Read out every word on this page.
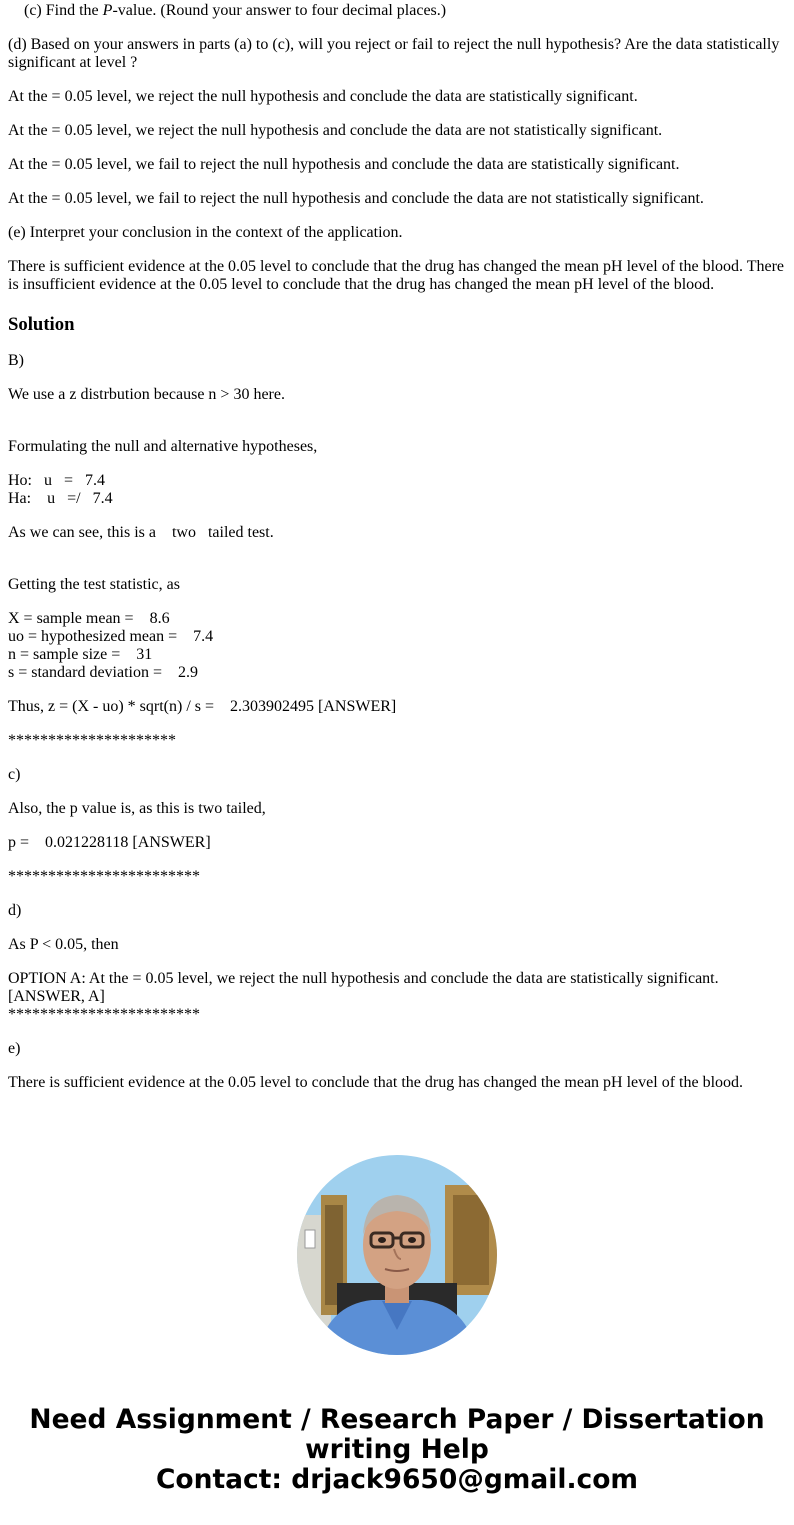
(c) Find the P-value. (Round your answer to four decimal places.)

(d) Based on your answers in parts (a) to (c), will you reject or fail to reject the null hypothesis? Are the data statistically significant at level ?

At the = 0.05 level, we reject the null hypothesis and conclude the data are statistically significant.

At the = 0.05 level, we reject the null hypothesis and conclude the data are not statistically significant.

At the = 0.05 level, we fail to reject the null hypothesis and conclude the data are statistically significant.

At the = 0.05 level, we fail to reject the null hypothesis and conclude the data are not statistically significant.

(e) Interpret your conclusion in the context of the application.

There is sufficient evidence at the 0.05 level to conclude that the drug has changed the mean pH level of the blood. There is insufficient evidence at the 0.05 level to conclude that the drug has changed the mean pH level of the blood.

Solution

B)

We use a z distrbution because n > 30 here.

Formulating the null and alternative hypotheses,

Ho:   u   =   7.4

Ha:    u   =/   7.4

As we can see, this is a    two   tailed test.

Getting the test statistic, as

X = sample mean =    8.6

uo = hypothesized mean =    7.4

n = sample size =    31

s = standard deviation =    2.9

Thus, z = (X - uo) * sqrt(n) / s =    2.303902495 [ANSWER]

*********************

c)

Also, the p value is, as this is two tailed,

p =    0.021228118 [ANSWER]

************************

d)

As P < 0.05, then

OPTION A: At the = 0.05 level, we reject the null hypothesis and conclude the data are statistically significant. [ANSWER, A]

************************

e)

There is sufficient evidence at the 0.05 level to conclude that the drug has changed the mean pH level of the blood.

Need Assignment / Research Paper / Dissertation
writing Help
Contact: drjack9650@gmail.com
